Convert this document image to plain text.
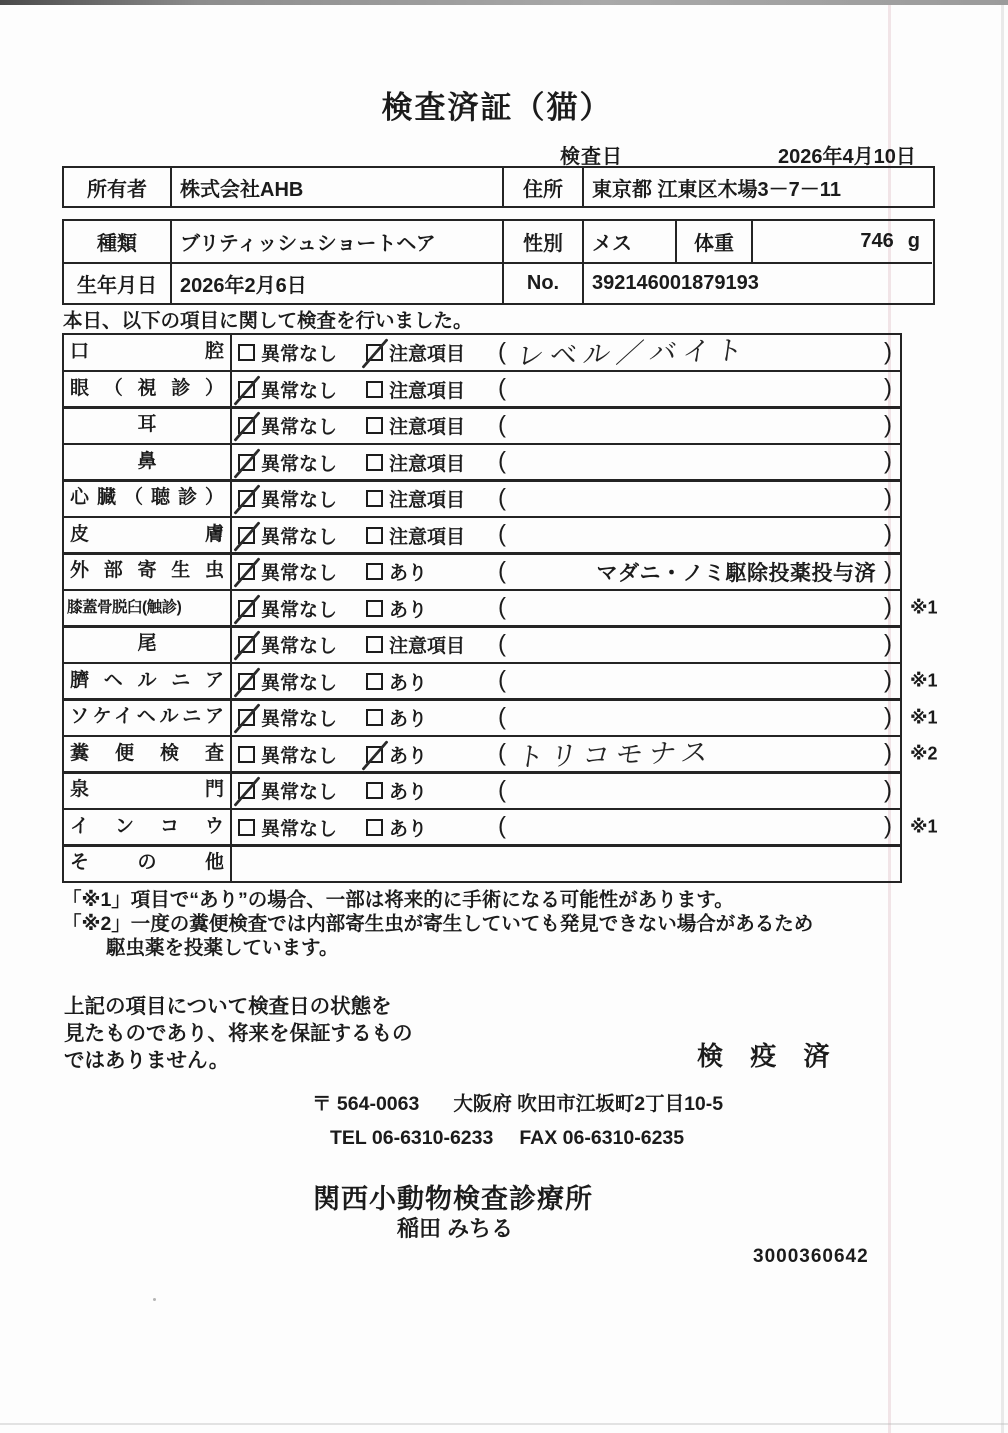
検査済証（猫）
検査日	2026年4月10日
所有者	株式会社AHB	住所	東京都 江東区木場3－7－11
種類	ブリティッシュショートヘア	性別	メス	体重	746 g
生年月日	2026年2月6日	No.	392146001879193
本日、以下の項目に関して検査を行いました。
口腔	異常なし	注意項目 ( レベル／バイト	)
眼（視診）	異常なし	注意項目 (	)
耳	異常なし	注意項目 (	)
鼻	異常なし	注意項目 (	)
心臓（聴診）	異常なし	注意項目 (	)
皮膚	異常なし	注意項目 (	)
外部寄生虫	異常なし	あり	(	マダニ・ノミ駆除投薬投与済 )
膝蓋骨脱臼(触診)	異常なし	あり	(	) ※1
尾	異常なし	注意項目 (	)
臍ヘルニア	異常なし	あり	(	) ※1
ソケイヘルニア	異常なし	あり	(	) ※1
糞便検査	異常なし	あり	( トリコモナス	) ※2
泉門	異常なし	あり	(	)
インコウ	異常なし	あり	(	) ※1
その他
「※1」項目で“あり”の場合、一部は将来的に手術になる可能性があります。
「※2」一度の糞便検査では内部寄生虫が寄生していても発見できない場合があるため
駆虫薬を投薬しています。
上記の項目について検査日の状態を
見たものであり、将来を保証するもの
ではありません。	検 疫 済
〒 564-0063 大阪府 吹田市江坂町2丁目10-5
TEL 06-6310-6233 FAX 06-6310-6235
関西小動物検査診療所
稲田 みちる
3000360642
